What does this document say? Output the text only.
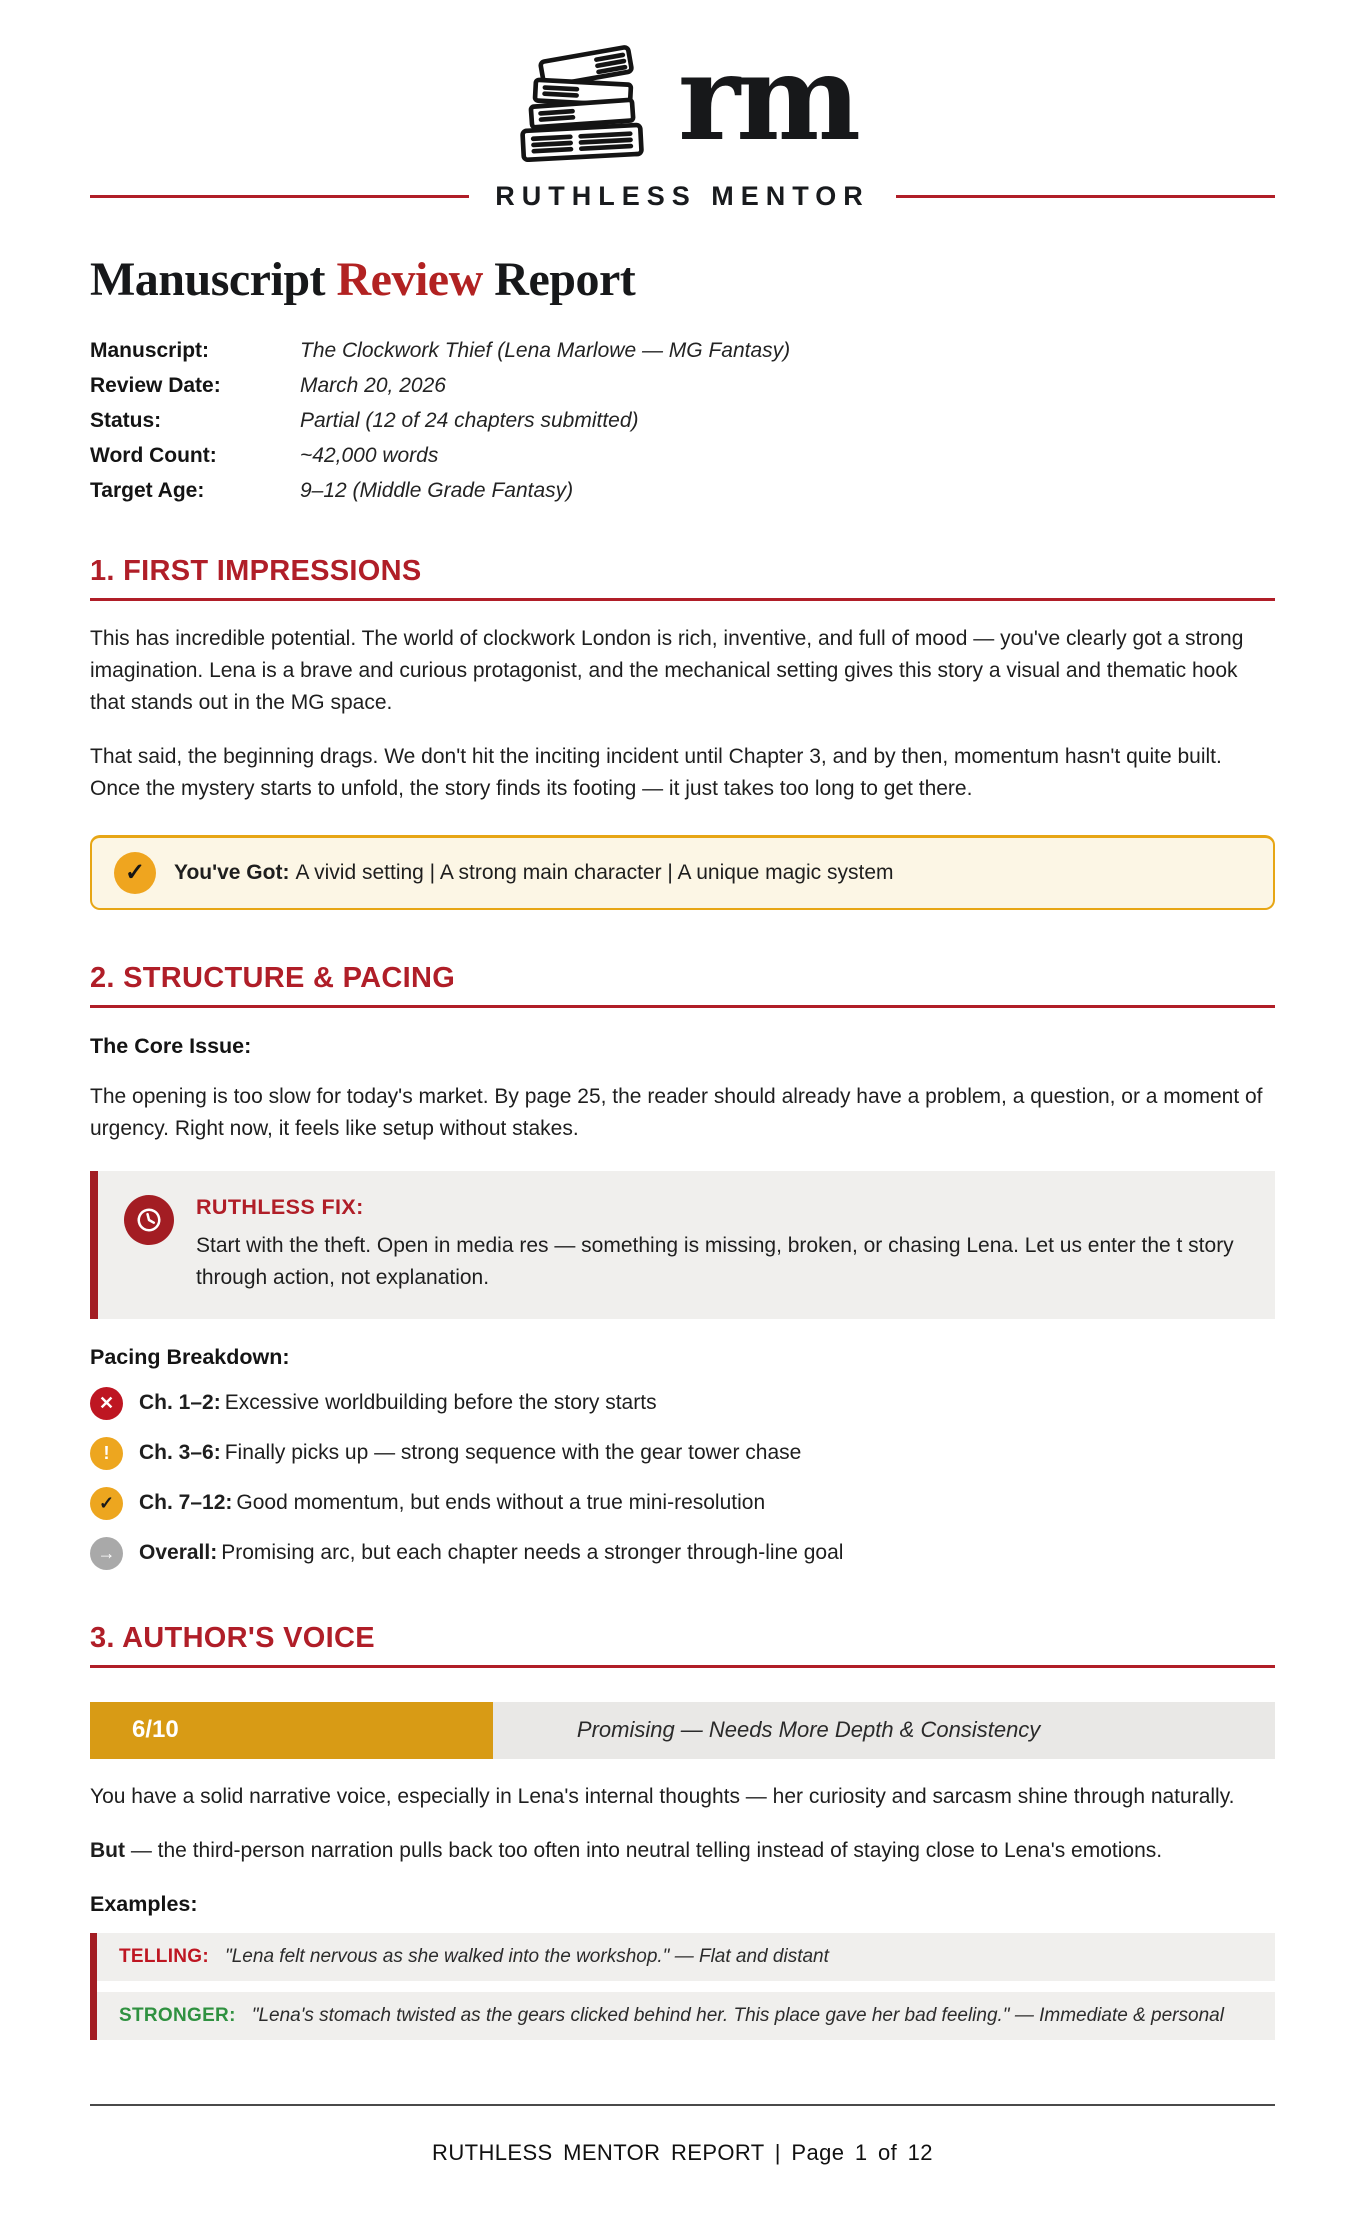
rm
RUTHLESS MENTOR
Manuscript Review Report
Manuscript:	The Clockwork Thief (Lena Marlowe — MG Fantasy)
Review Date:	March 20, 2026
Status:	Partial (12 of 24 chapters submitted)
Word Count:	~42,000 words
Target Age:	9–12 (Middle Grade Fantasy)
1. FIRST IMPRESSIONS

This has incredible potential. The world of clockwork London is rich, inventive, and full of mood — you've clearly got a strong imagination. Lena is a brave and curious protagonist, and the mechanical setting gives this story a visual and thematic hook that stands out in the MG space.

That said, the beginning drags. We don't hit the inciting incident until Chapter 3, and by then, momentum hasn't quite built. Once the mystery starts to unfold, the story finds its footing — it just takes too long to get there.

✓	You've Got: A vivid setting | A strong main character | A unique magic system
2. STRUCTURE & PACING
The Core Issue:

The opening is too slow for today's market. By page 25, the reader should already have a problem, a question, or a moment of urgency. Right now, it feels like setup without stakes.

RUTHLESS FIX:
Start with the theft. Open in media res — something is missing, broken, or chasing Lena. Let us enter the t story through action, not explanation.
Pacing Breakdown:
✕	Ch. 1–2: Excessive worldbuilding before the story starts
!	Ch. 3–6: Finally picks up — strong sequence with the gear tower chase
✓	Ch. 7–12: Good momentum, but ends without a true mini-resolution
→	Overall: Promising arc, but each chapter needs a stronger through-line goal
3. AUTHOR'S VOICE
6/10	Promising — Needs More Depth & Consistency

You have a solid narrative voice, especially in Lena's internal thoughts — her curiosity and sarcasm shine through naturally.

But — the third-person narration pulls back too often into neutral telling instead of staying close to Lena's emotions.

Examples:
TELLING: "Lena felt nervous as she walked into the workshop." — Flat and distant
STRONGER: "Lena's stomach twisted as the gears clicked behind her. This place gave her bad feeling." — Immediate & personal
RUTHLESS MENTOR REPORT | Page 1 of 12
